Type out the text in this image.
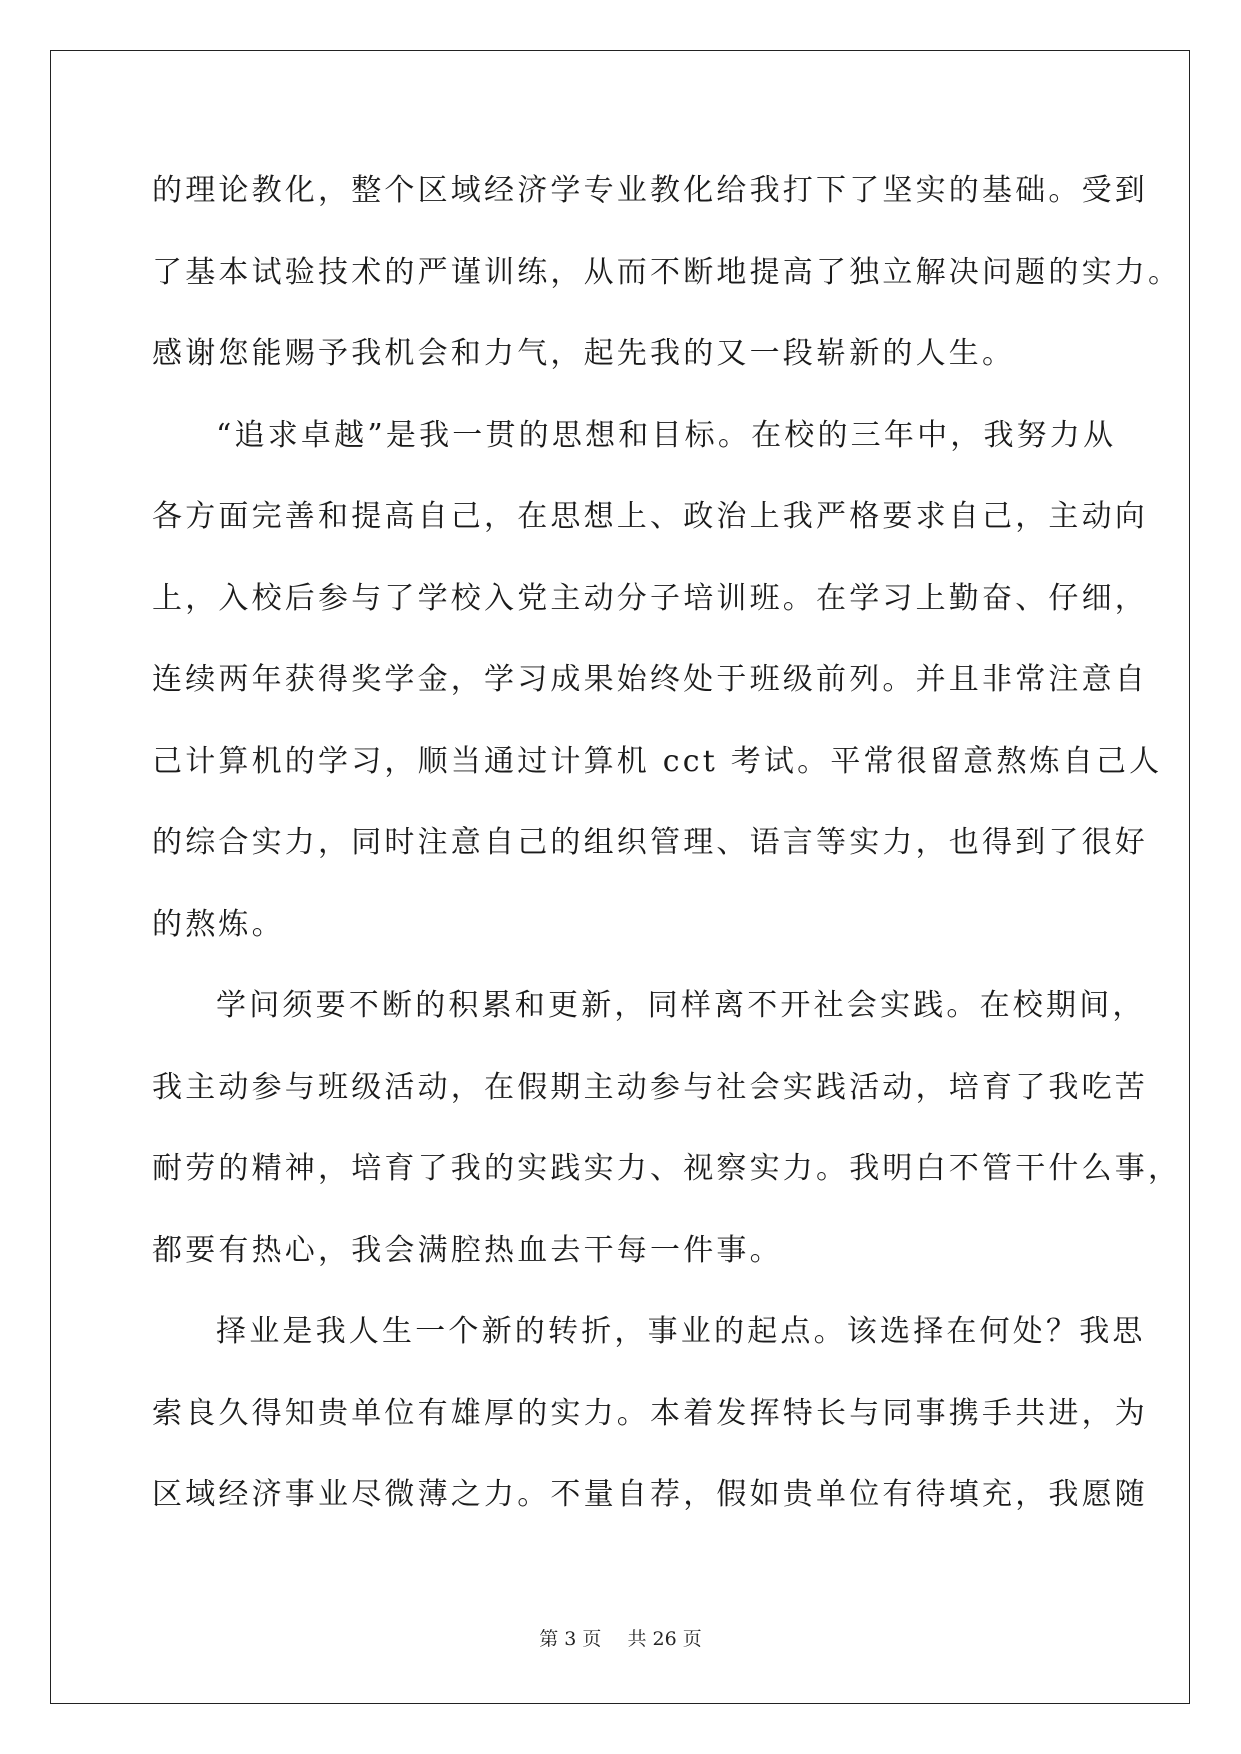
的理论教化，整个区域经济学专业教化给我打下了坚实的基础。受到
了基本试验技术的严谨训练，从而不断地提高了独立解决问题的实力。
感谢您能赐予我机会和力气，起先我的又一段崭新的人生。
“追求卓越”是我一贯的思想和目标。在校的三年中，我努力从
各方面完善和提高自己，在思想上、政治上我严格要求自己，主动向
上，入校后参与了学校入党主动分子培训班。在学习上勤奋、仔细，
连续两年获得奖学金，学习成果始终处于班级前列。并且非常注意自
己计算机的学习，顺当通过计算机 cct 考试。平常很留意熬炼自己人
的综合实力，同时注意自己的组织管理、语言等实力，也得到了很好
的熬炼。
学问须要不断的积累和更新，同样离不开社会实践。在校期间，
我主动参与班级活动，在假期主动参与社会实践活动，培育了我吃苦
耐劳的精神，培育了我的实践实力、视察实力。我明白不管干什么事，
都要有热心，我会满腔热血去干每一件事。
择业是我人生一个新的转折，事业的起点。该选择在何处？我思
索良久得知贵单位有雄厚的实力。本着发挥特长与同事携手共进，为
区域经济事业尽微薄之力。不量自荐，假如贵单位有待填充，我愿随
第 3 页 共 26 页
